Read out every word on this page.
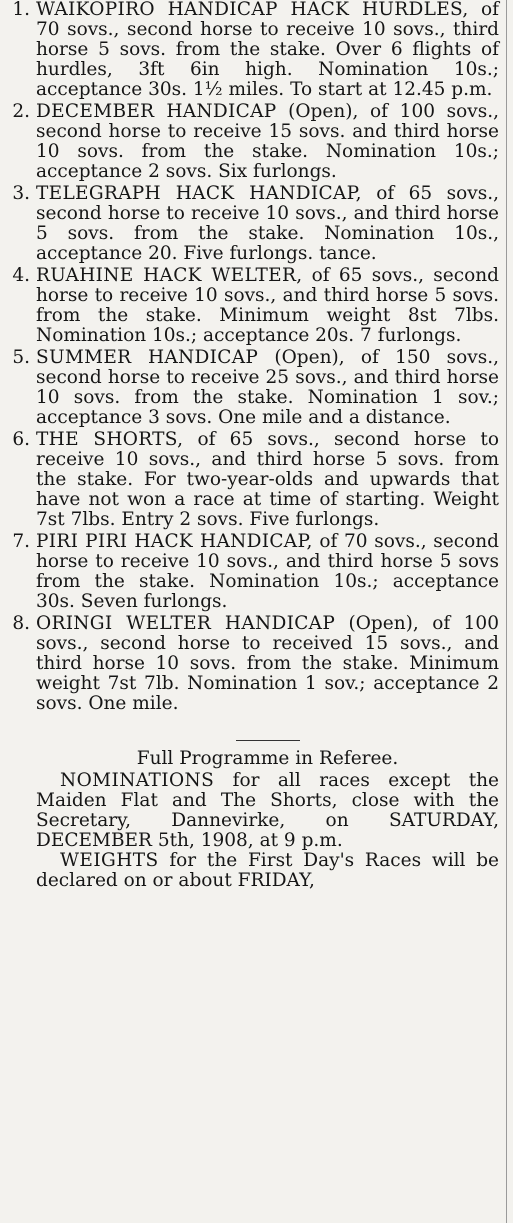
1. WAIKOPIRO HANDICAP HACK HURDLES, of 70 sovs., second horse to receive 10 sovs., third horse 5 sovs. from the stake. Over 6 flights of hurdles, 3ft 6in high. Nomination 10s.; acceptance 30s. 1½ miles. To start at 12.45 p.m.
2. DECEMBER HANDICAP (Open), of 100 sovs., second horse to receive 15 sovs. and third horse 10 sovs. from the stake. Nomination 10s.; acceptance 2 sovs. Six furlongs.
3. TELEGRAPH HACK HANDICAP, of 65 sovs., second horse to receive 10 sovs., and third horse 5 sovs. from the stake. Nomination 10s., acceptance 20. Five furlongs. tance.
4. RUAHINE HACK WELTER, of 65 sovs., second horse to receive 10 sovs., and third horse 5 sovs. from the stake. Minimum weight 8st 7lbs. Nomination 10s.; acceptance 20s. 7 furlongs.
5. SUMMER HANDICAP (Open), of 150 sovs., second horse to receive 25 sovs., and third horse 10 sovs. from the stake. Nomination 1 sov.; acceptance 3 sovs. One mile and a distance.
6. THE SHORTS, of 65 sovs., second horse to receive 10 sovs., and third horse 5 sovs. from the stake. For two-year-olds and upwards that have not won a race at time of starting. Weight 7st 7lbs. Entry 2 sovs. Five furlongs.
7. PIRI PIRI HACK HANDICAP, of 70 sovs., second horse to receive 10 sovs., and third horse 5 sovs from the stake. Nomination 10s.; acceptance 30s. Seven furlongs.
8. ORINGI WELTER HANDICAP (Open), of 100 sovs., second horse to received 15 sovs., and third horse 10 sovs. from the stake. Minimum weight 7st 7lb. Nomination 1 sov.; acceptance 2 sovs. One mile.

Full Programme in Referee.

NOMINATIONS for all races except the Maiden Flat and The Shorts, close with the Secretary, Dannevirke, on SATURDAY, DECEMBER 5th, 1908, at 9 p.m.

WEIGHTS for the First Day's Races will be declared on or about FRIDAY,
